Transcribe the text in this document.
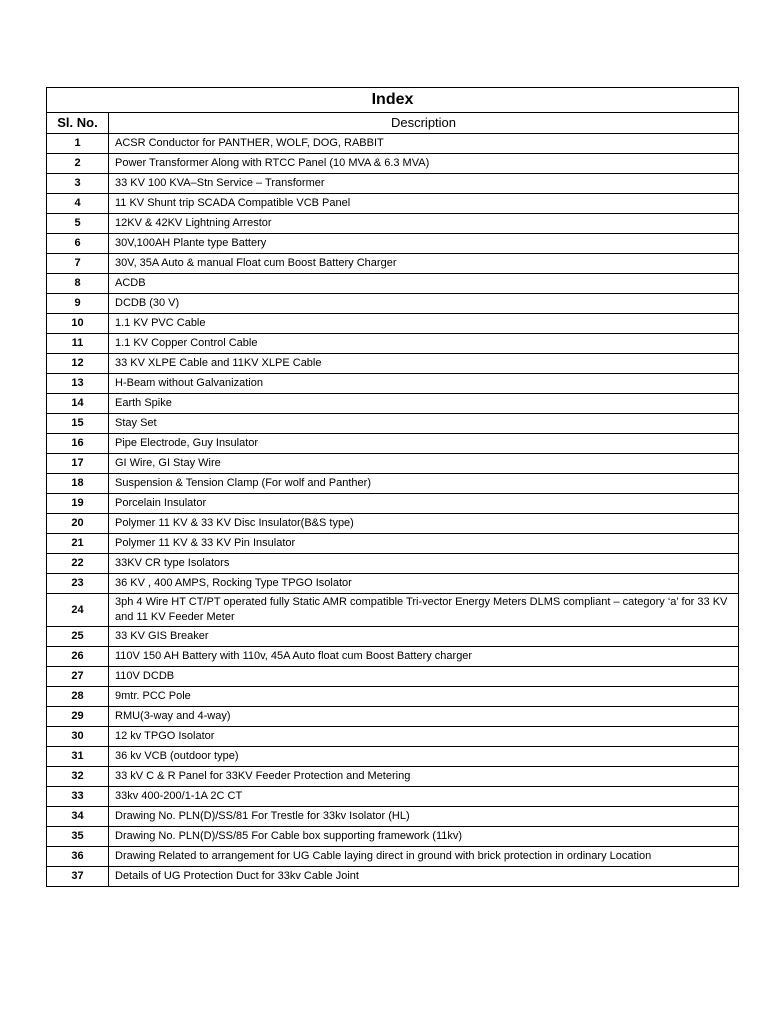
Index	
Sl. No.	Description
1	ACSR Conductor for PANTHER, WOLF, DOG, RABBIT
2	Power Transformer Along with RTCC Panel (10 MVA & 6.3 MVA)
3	33 KV 100 KVA–Stn Service – Transformer
4	11 KV Shunt trip SCADA Compatible VCB Panel
5	12KV & 42KV Lightning Arrestor
6	30V,100AH Plante type Battery
7	30V, 35A Auto & manual Float cum Boost Battery Charger
8	ACDB
9	DCDB (30 V)
10	1.1 KV PVC Cable
11	1.1 KV Copper Control Cable
12	33 KV XLPE Cable and 11KV XLPE Cable
13	H-Beam without Galvanization
14	Earth Spike
15	Stay Set
16	Pipe Electrode, Guy Insulator
17	GI Wire, GI Stay Wire
18	Suspension & Tension Clamp (For wolf and Panther)
19	Porcelain Insulator
20	Polymer 11 KV & 33 KV Disc Insulator(B&S type)
21	Polymer 11 KV & 33 KV Pin Insulator
22	33KV CR type Isolators
23	36 KV , 400 AMPS, Rocking Type TPGO Isolator
24	3ph 4 Wire HT CT/PT operated fully Static AMR compatible Tri-vector Energy Meters DLMS compliant – category ‘a’ for 33 KV and 11 KV Feeder Meter
25	33 KV GIS Breaker
26	110V 150 AH Battery with 110v, 45A Auto float cum Boost Battery charger
27	110V DCDB
28	9mtr. PCC Pole
29	RMU(3-way and 4-way)
30	12 kv TPGO Isolator
31	36 kv VCB (outdoor type)
32	33 kV C & R Panel for 33KV Feeder Protection and Metering
33	33kv 400-200/1-1A 2C CT
34	Drawing No. PLN(D)/SS/81 For Trestle for 33kv Isolator (HL)
35	Drawing No. PLN(D)/SS/85 For Cable box supporting framework (11kv)
36	Drawing Related to arrangement for UG Cable laying direct in ground with brick protection in ordinary Location
37	Details of UG Protection Duct for 33kv Cable Joint
